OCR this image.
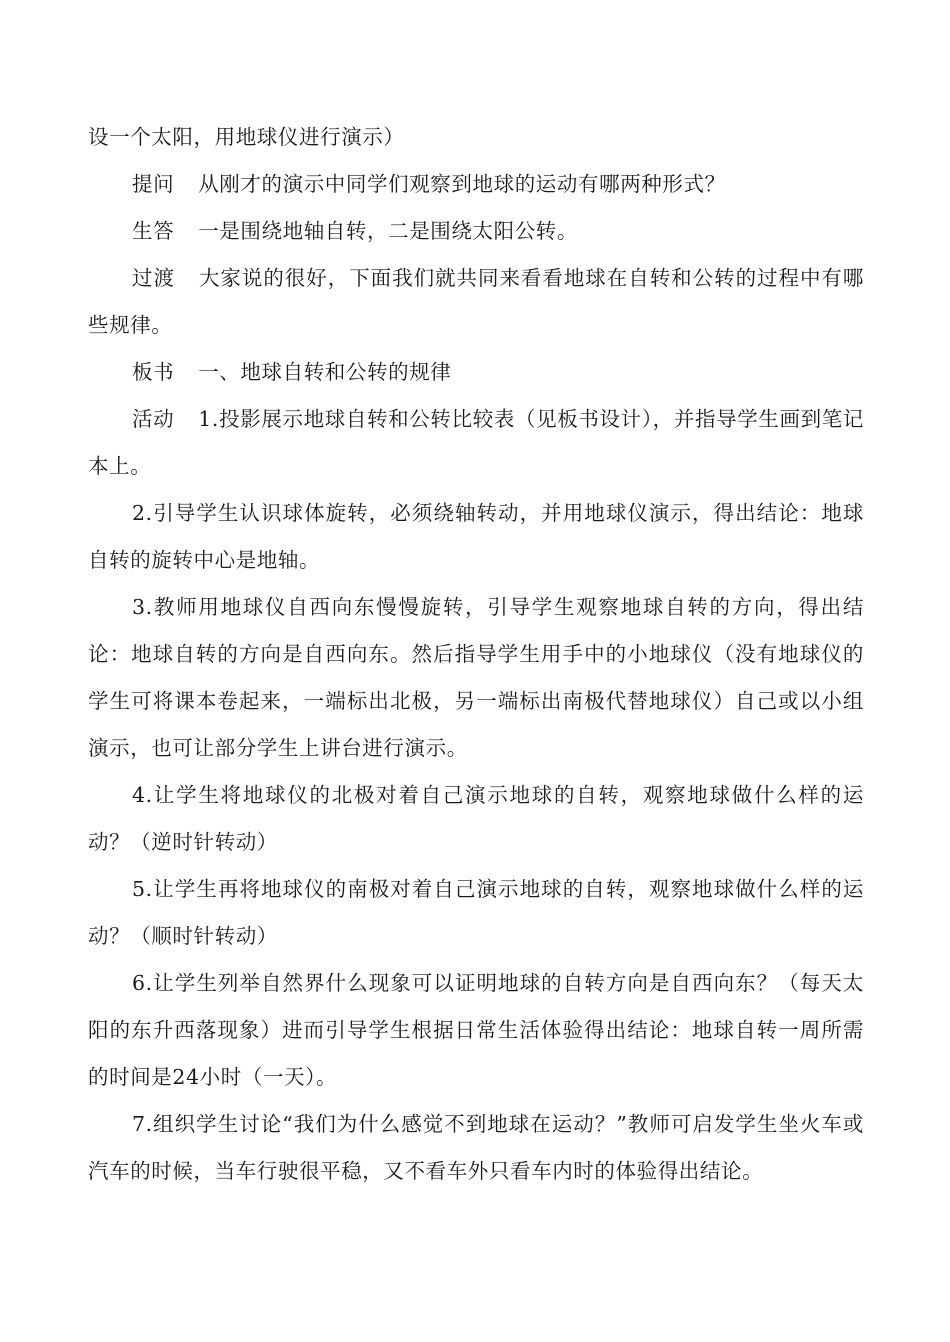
设一个太阳，用地球仪进行演示）

提问 从刚才的演示中同学们观察到地球的运动有哪两种形式？

生答 一是围绕地轴自转，二是围绕太阳公转。

过渡 大家说的很好，下面我们就共同来看看地球在自转和公转的过程中有哪些规律。

板书 一、地球自转和公转的规律

活动 1.投影展示地球自转和公转比较表（见板书设计），并指导学生画到笔记本上。

2.引导学生认识球体旋转，必须绕轴转动，并用地球仪演示，得出结论：地球自转的旋转中心是地轴。

3.教师用地球仪自西向东慢慢旋转，引导学生观察地球自转的方向，得出结论：地球自转的方向是自西向东。然后指导学生用手中的小地球仪（没有地球仪的学生可将课本卷起来，一端标出北极，另一端标出南极代替地球仪）自己或以小组演示，也可让部分学生上讲台进行演示。

4.让学生将地球仪的北极对着自己演示地球的自转，观察地球做什么样的运动？（逆时针转动）

5.让学生再将地球仪的南极对着自己演示地球的自转，观察地球做什么样的运动？（顺时针转动）

6.让学生列举自然界什么现象可以证明地球的自转方向是自西向东？（每天太阳的东升西落现象）进而引导学生根据日常生活体验得出结论：地球自转一周所需的时间是24小时（一天）。

7.组织学生讨论“我们为什么感觉不到地球在运动？”教师可启发学生坐火车或汽车的时候，当车行驶很平稳，又不看车外只看车内时的体验得出结论。
